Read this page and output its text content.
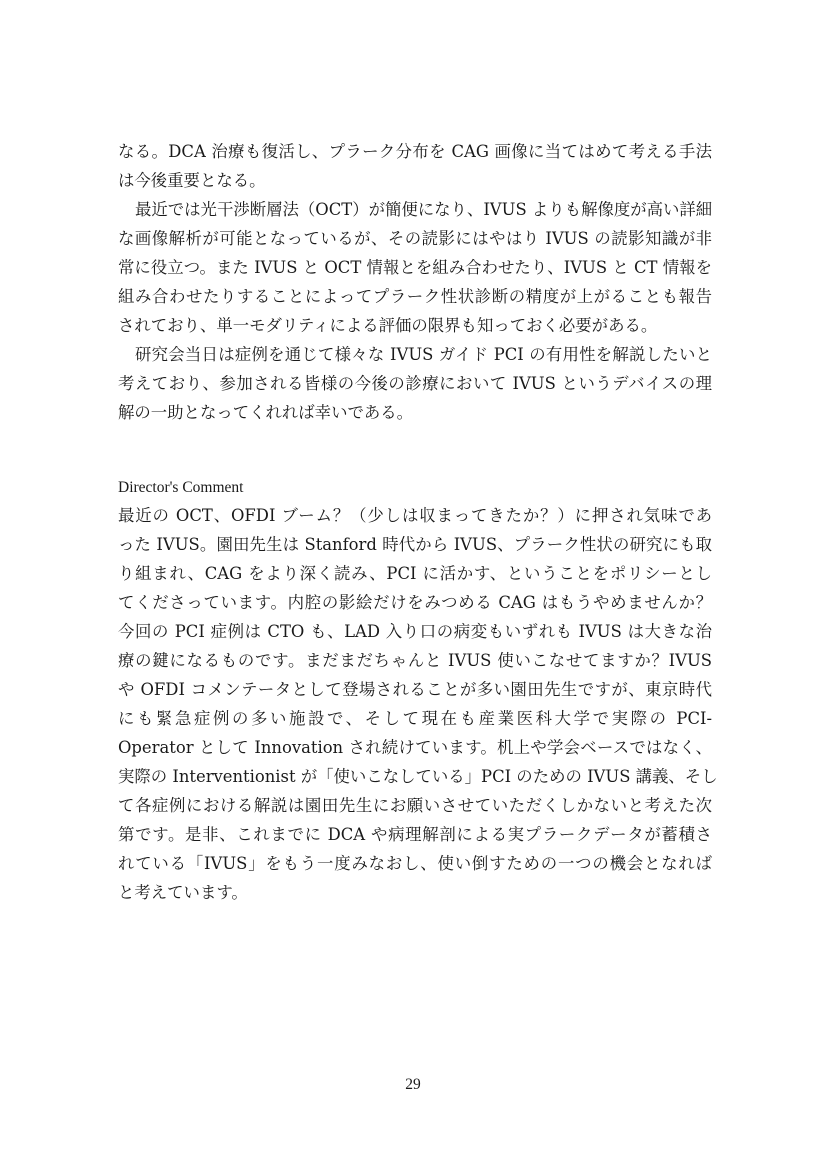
なる。DCA 治療も復活し、プラーク分布を CAG 画像に当てはめて考える手法
は今後重要となる。
最近では光干渉断層法（OCT）が簡便になり、IVUS よりも解像度が高い詳細
な画像解析が可能となっているが、その読影にはやはり IVUS の読影知識が非
常に役立つ。また IVUS と OCT 情報とを組み合わせたり、IVUS と CT 情報を
組み合わせたりすることによってプラーク性状診断の精度が上がることも報告
されており、単一モダリティによる評価の限界も知っておく必要がある。
研究会当日は症例を通じて様々な IVUS ガイド PCI の有用性を解説したいと
考えており、参加される皆様の今後の診療において IVUS というデバイスの理
解の一助となってくれれば幸いである。
Director's Comment
最近の OCT、OFDI ブーム？（少しは収まってきたか？）に押され気味であ
った IVUS。園田先生は Stanford 時代から IVUS、プラーク性状の研究にも取
り組まれ、CAG をより深く読み、PCI に活かす、ということをポリシーとし
てくださっています。内腔の影絵だけをみつめる CAG はもうやめませんか？
今回の PCI 症例は CTO も、LAD 入り口の病変もいずれも IVUS は大きな治
療の鍵になるものです。まだまだちゃんと IVUS 使いこなせてますか？IVUS
や OFDI コメンテータとして登場されることが多い園田先生ですが、東京時代
にも緊急症例の多い施設で、そして現在も産業医科大学で実際の PCI-
Operator として Innovation され続けています。机上や学会ベースではなく、
実際の Interventionist が「使いこなしている」PCI のための IVUS 講義、そし
て各症例における解説は園田先生にお願いさせていただくしかないと考えた次
第です。是非、これまでに DCA や病理解剖による実プラークデータが蓄積さ
れている「IVUS」をもう一度みなおし、使い倒すための一つの機会となれば
と考えています。
29
